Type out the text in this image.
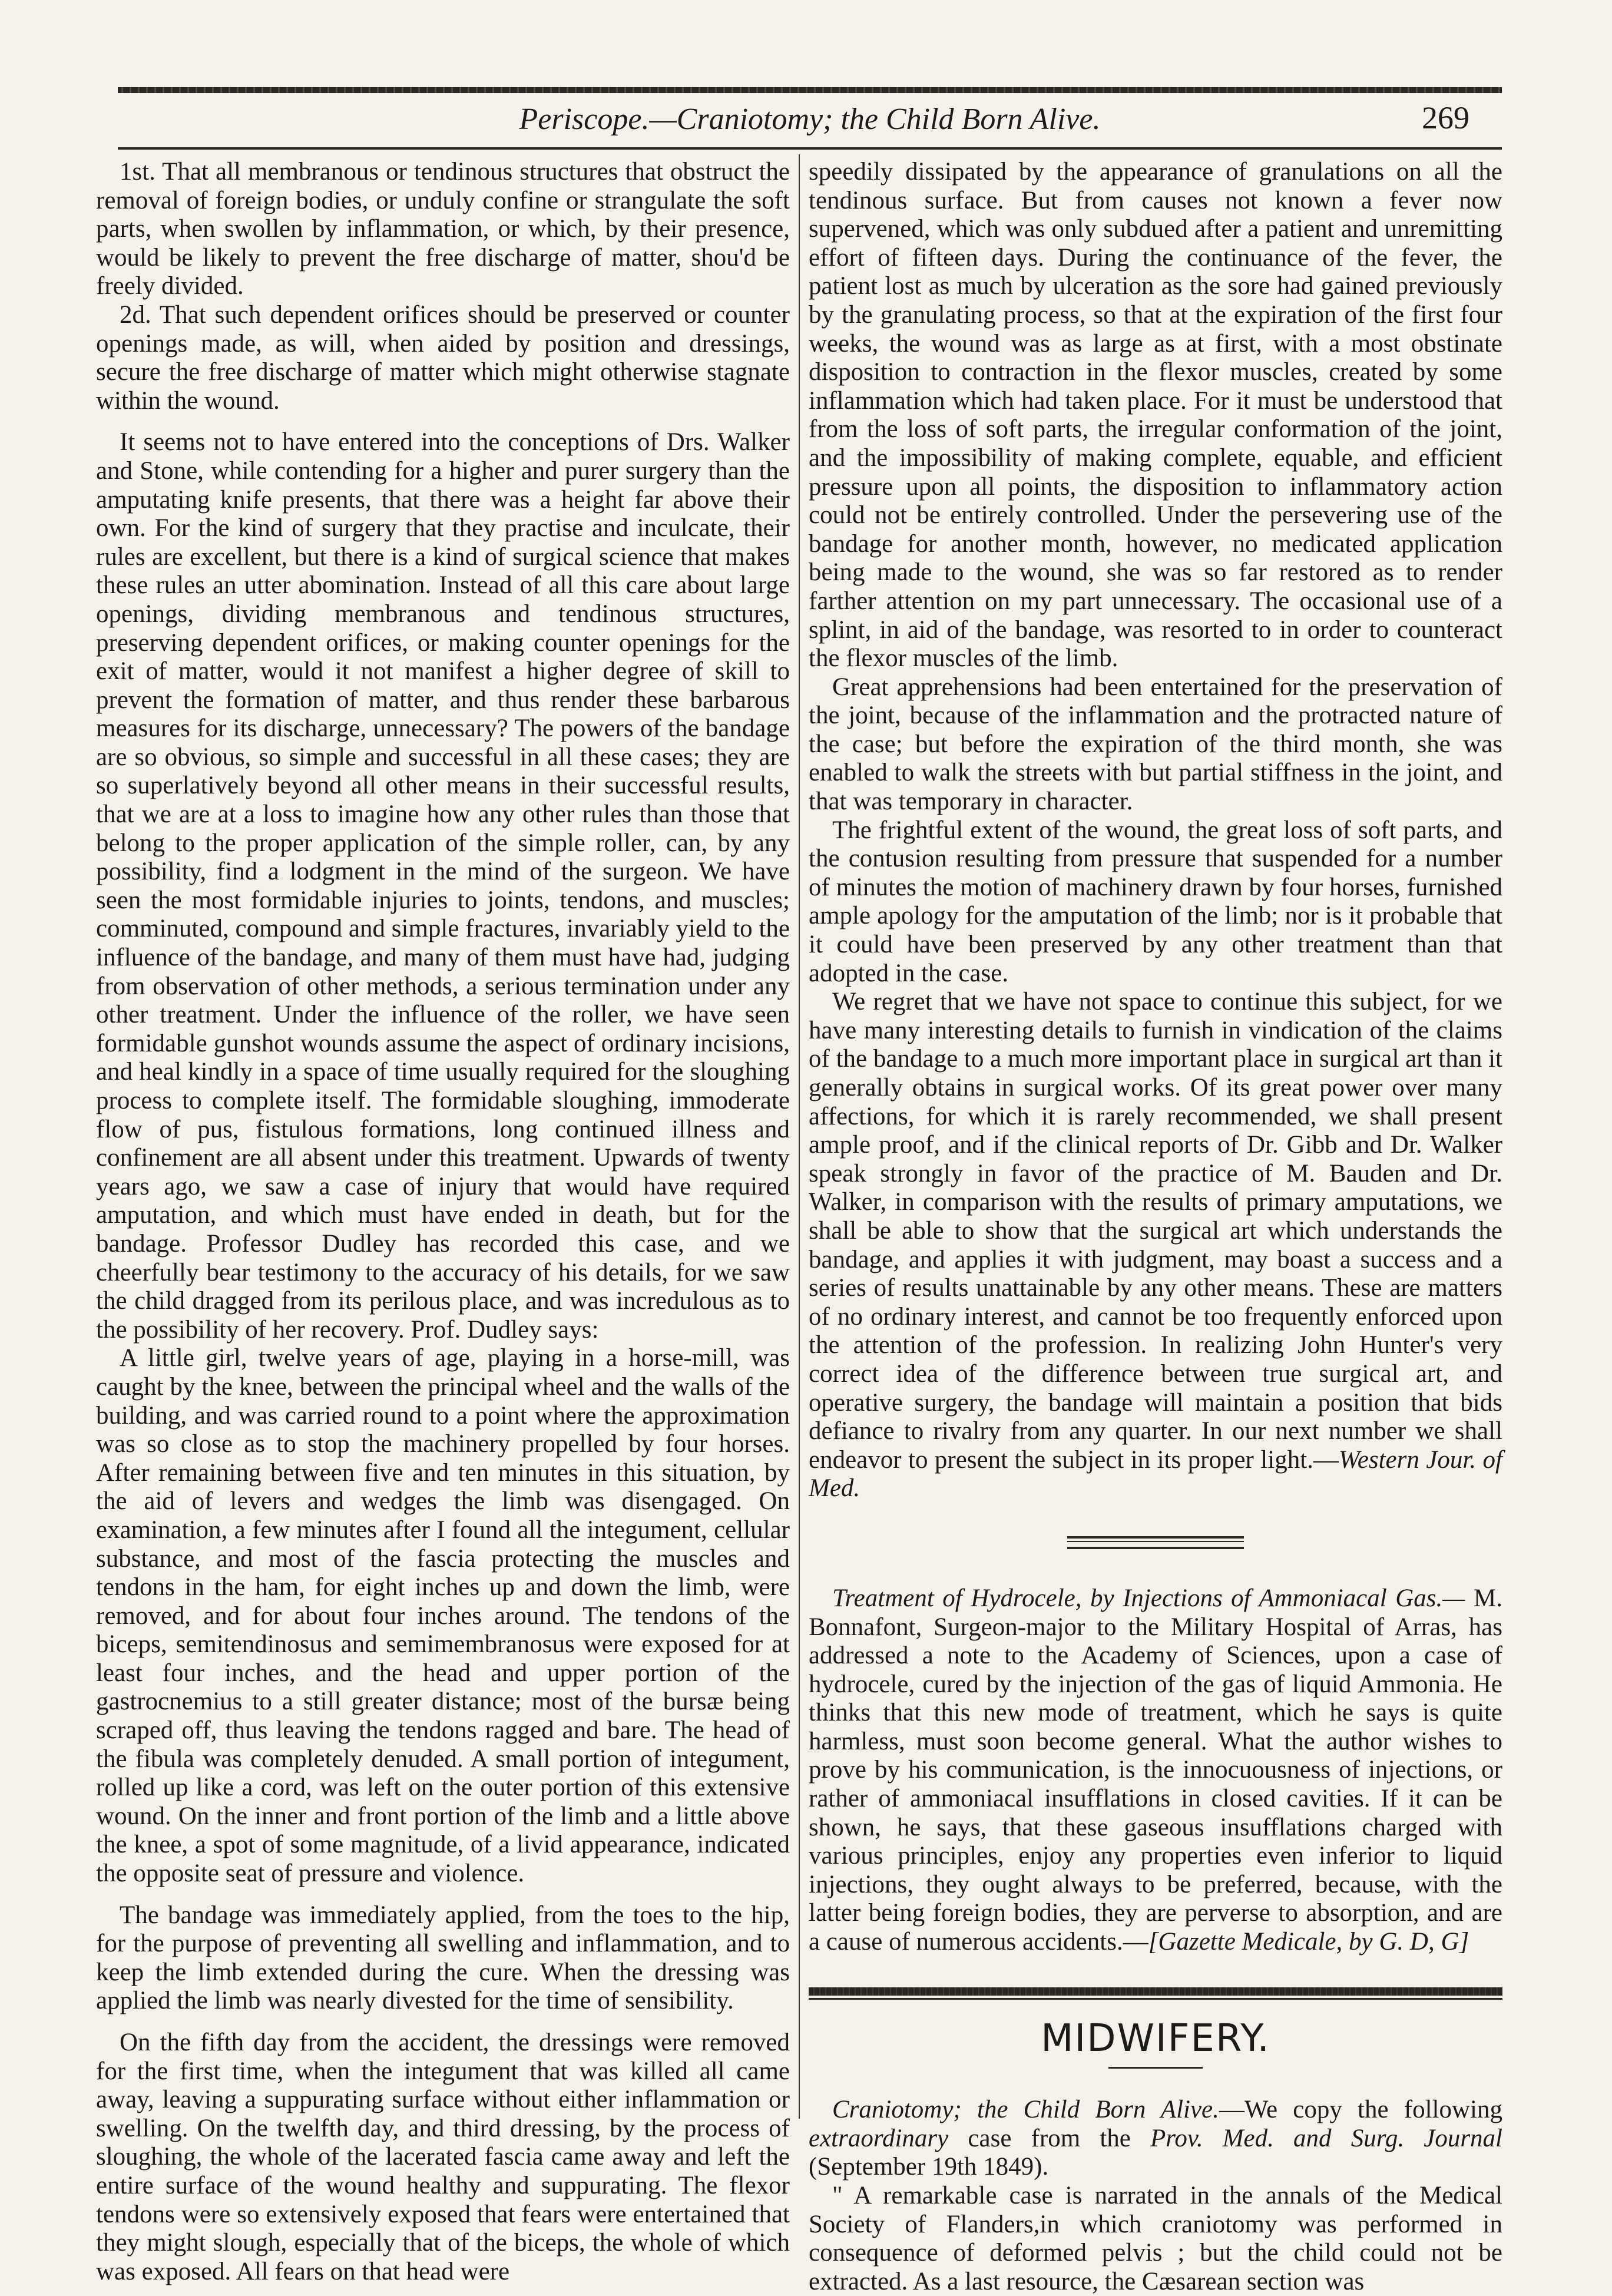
Periscope.—Craniotomy; the Child Born Alive.	269

1st. That all membranous or tendinous structures that obstruct the removal of foreign bodies, or unduly confine or strangulate the soft parts, when swollen by inflammation, or which, by their presence, would be likely to prevent the free discharge of matter, shou'd be freely divided.

2d. That such dependent orifices should be preserved or counter openings made, as will, when aided by position and dressings, secure the free discharge of matter which might otherwise stagnate within the wound.

It seems not to have entered into the conceptions of Drs. Walker and Stone, while contending for a higher and purer surgery than the amputating knife presents, that there was a height far above their own. For the kind of surgery that they practise and inculcate, their rules are excellent, but there is a kind of surgical science that makes these rules an utter abomination. Instead of all this care about large openings, dividing membranous and tendinous structures, preserving dependent orifices, or making counter openings for the exit of matter, would it not manifest a higher degree of skill to prevent the formation of matter, and thus render these barbarous measures for its discharge, unnecessary? The powers of the bandage are so obvious, so simple and successful in all these cases; they are so superlatively beyond all other means in their successful results, that we are at a loss to imagine how any other rules than those that belong to the proper application of the simple roller, can, by any possibility, find a lodgment in the mind of the surgeon. We have seen the most formidable injuries to joints, tendons, and muscles; comminuted, compound and simple fractures, invariably yield to the influence of the bandage, and many of them must have had, judging from observation of other methods, a serious termination under any other treatment. Under the influence of the roller, we have seen formidable gunshot wounds assume the aspect of ordinary incisions, and heal kindly in a space of time usually required for the sloughing process to complete itself. The formidable sloughing, immoderate flow of pus, fistulous formations, long continued illness and confinement are all absent under this treatment. Upwards of twenty years ago, we saw a case of injury that would have required amputation, and which must have ended in death, but for the bandage. Professor Dudley has recorded this case, and we cheerfully bear testimony to the accuracy of his details, for we saw the child dragged from its perilous place, and was incredulous as to the possibility of her recovery. Prof. Dudley says:

A little girl, twelve years of age, playing in a horse-mill, was caught by the knee, between the principal wheel and the walls of the building, and was carried round to a point where the approximation was so close as to stop the machinery propelled by four horses. After remaining between five and ten minutes in this situation, by the aid of levers and wedges the limb was disengaged. On examination, a few minutes after I found all the integument, cellular substance, and most of the fascia protecting the muscles and tendons in the ham, for eight inches up and down the limb, were removed, and for about four inches around. The tendons of the biceps, semitendinosus and semimembranosus were exposed for at least four inches, and the head and upper portion of the gastrocnemius to a still greater distance; most of the bursæ being scraped off, thus leaving the tendons ragged and bare. The head of the fibula was completely denuded. A small portion of integument, rolled up like a cord, was left on the outer portion of this extensive wound. On the inner and front portion of the limb and a little above the knee, a spot of some magnitude, of a livid appearance, indicated the opposite seat of pressure and violence.

The bandage was immediately applied, from the toes to the hip, for the purpose of preventing all swelling and inflammation, and to keep the limb extended during the cure. When the dressing was applied the limb was nearly divested for the time of sensibility.

On the fifth day from the accident, the dressings were removed for the first time, when the integument that was killed all came away, leaving a suppurating surface without either inflammation or swelling. On the twelfth day, and third dressing, by the process of sloughing, the whole of the lacerated fascia came away and left the entire surface of the wound healthy and suppurating. The flexor tendons were so extensively exposed that fears were entertained that they might slough, especially that of the biceps, the whole of which was exposed. All fears on that head were

speedily dissipated by the appearance of granulations on all the tendinous surface. But from causes not known a fever now supervened, which was only subdued after a patient and unremitting effort of fifteen days. During the continuance of the fever, the patient lost as much by ulceration as the sore had gained previously by the granulating process, so that at the expiration of the first four weeks, the wound was as large as at first, with a most obstinate disposition to contraction in the flexor muscles, created by some inflammation which had taken place. For it must be understood that from the loss of soft parts, the irregular conformation of the joint, and the impossibility of making complete, equable, and efficient pressure upon all points, the disposition to inflammatory action could not be entirely controlled. Under the persevering use of the bandage for another month, however, no medicated application being made to the wound, she was so far restored as to render farther attention on my part unnecessary. The occasional use of a splint, in aid of the bandage, was resorted to in order to counteract the flexor muscles of the limb.

Great apprehensions had been entertained for the preservation of the joint, because of the inflammation and the protracted nature of the case; but before the expiration of the third month, she was enabled to walk the streets with but partial stiffness in the joint, and that was temporary in character.

The frightful extent of the wound, the great loss of soft parts, and the contusion resulting from pressure that suspended for a number of minutes the motion of machinery drawn by four horses, furnished ample apology for the amputation of the limb; nor is it probable that it could have been preserved by any other treatment than that adopted in the case.

We regret that we have not space to continue this subject, for we have many interesting details to furnish in vindication of the claims of the bandage to a much more important place in surgical art than it generally obtains in surgical works. Of its great power over many affections, for which it is rarely recommended, we shall present ample proof, and if the clinical reports of Dr. Gibb and Dr. Walker speak strongly in favor of the practice of M. Bauden and Dr. Walker, in comparison with the results of primary amputations, we shall be able to show that the surgical art which understands the bandage, and applies it with judgment, may boast a success and a series of results unattainable by any other means. These are matters of no ordinary interest, and cannot be too frequently enforced upon the attention of the profession. In realizing John Hunter's very correct idea of the difference between true surgical art, and operative surgery, the bandage will maintain a position that bids defiance to rivalry from any quarter. In our next number we shall endeavor to present the subject in its proper light.—Western Jour. of Med.

Treatment of Hydrocele, by Injections of Ammoniacal Gas.— M. Bonnafont, Surgeon-major to the Military Hospital of Arras, has addressed a note to the Academy of Sciences, upon a case of hydrocele, cured by the injection of the gas of liquid Ammonia. He thinks that this new mode of treatment, which he says is quite harmless, must soon become general. What the author wishes to prove by his communication, is the innocuousness of injections, or rather of ammoniacal insufflations in closed cavities. If it can be shown, he says, that these gaseous insufflations charged with various principles, enjoy any properties even inferior to liquid injections, they ought always to be preferred, because, with the latter being foreign bodies, they are perverse to absorption, and are a cause of numerous accidents.—[Gazette Medicale, by G. D, G]

MIDWIFERY.

Craniotomy; the Child Born Alive.—We copy the following extraordinary case from the Prov. Med. and Surg. Journal (September 19th 1849).

" A remarkable case is narrated in the annals of the Medical Society of Flanders,in which craniotomy was performed in consequence of deformed pelvis ; but the child could not be extracted. As a last resource, the Cæsarean section was
